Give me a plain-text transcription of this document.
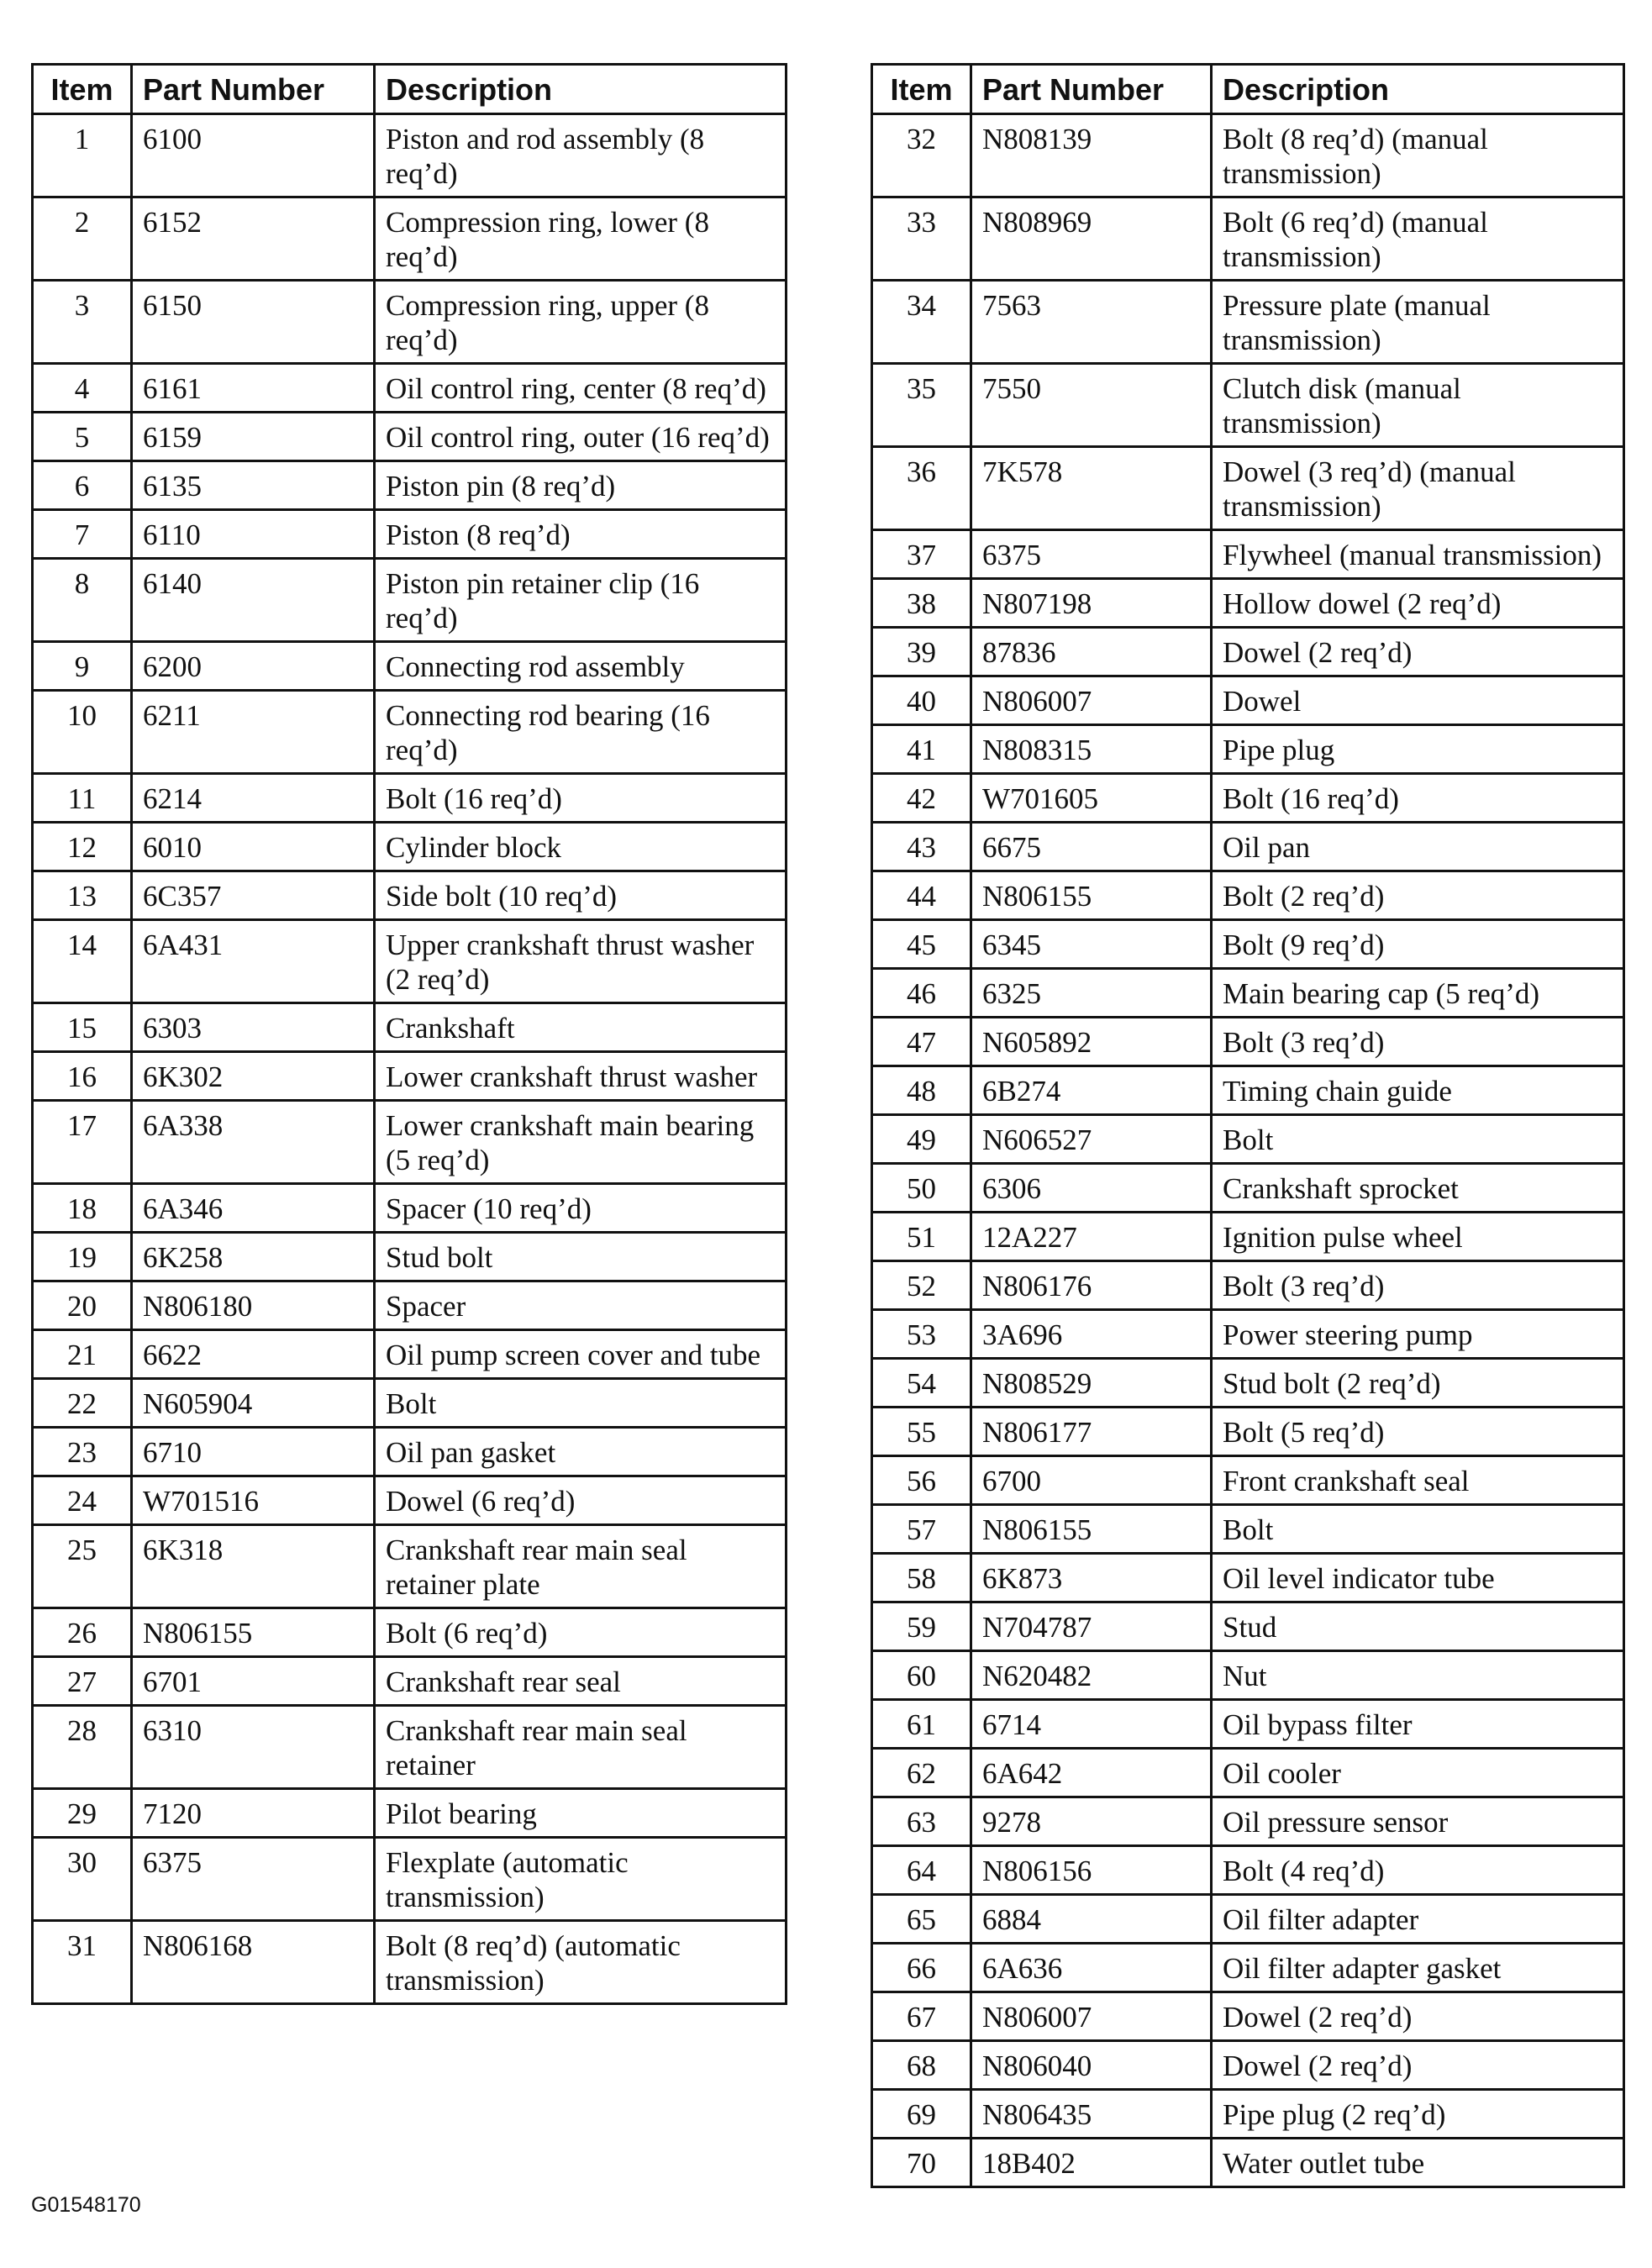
Item	Part Number	Description
1	6100	Piston and rod assembly (8 req’d)
2	6152	Compression ring, lower (8 req’d)
3	6150	Compression ring, upper (8 req’d)
4	6161	Oil control ring, center (8 req’d)
5	6159	Oil control ring, outer (16 req’d)
6	6135	Piston pin (8 req’d)
7	6110	Piston (8 req’d)
8	6140	Piston pin retainer clip (16 req’d)
9	6200	Connecting rod assembly
10	6211	Connecting rod bearing (16 req’d)
11	6214	Bolt (16 req’d)
12	6010	Cylinder block
13	6C357	Side bolt (10 req’d)
14	6A431	Upper crankshaft thrust washer (2 req’d)
15	6303	Crankshaft
16	6K302	Lower crankshaft thrust washer
17	6A338	Lower crankshaft main bearing (5 req’d)
18	6A346	Spacer (10 req’d)
19	6K258	Stud bolt
20	N806180	Spacer
21	6622	Oil pump screen cover and tube
22	N605904	Bolt
23	6710	Oil pan gasket
24	W701516	Dowel (6 req’d)
25	6K318	Crankshaft rear main seal retainer plate
26	N806155	Bolt (6 req’d)
27	6701	Crankshaft rear seal
28	6310	Crankshaft rear main seal retainer
29	7120	Pilot bearing
30	6375	Flexplate (automatic transmission)
31	N806168	Bolt (8 req’d) (automatic transmission)
Item	Part Number	Description
32	N808139	Bolt (8 req’d) (manual transmission)
33	N808969	Bolt (6 req’d) (manual transmission)
34	7563	Pressure plate (manual transmission)
35	7550	Clutch disk (manual transmission)
36	7K578	Dowel (3 req’d) (manual transmission)
37	6375	Flywheel (manual transmission)
38	N807198	Hollow dowel (2 req’d)
39	87836	Dowel (2 req’d)
40	N806007	Dowel
41	N808315	Pipe plug
42	W701605	Bolt (16 req’d)
43	6675	Oil pan
44	N806155	Bolt (2 req’d)
45	6345	Bolt (9 req’d)
46	6325	Main bearing cap (5 req’d)
47	N605892	Bolt (3 req’d)
48	6B274	Timing chain guide
49	N606527	Bolt
50	6306	Crankshaft sprocket
51	12A227	Ignition pulse wheel
52	N806176	Bolt (3 req’d)
53	3A696	Power steering pump
54	N808529	Stud bolt (2 req’d)
55	N806177	Bolt (5 req’d)
56	6700	Front crankshaft seal
57	N806155	Bolt
58	6K873	Oil level indicator tube
59	N704787	Stud
60	N620482	Nut
61	6714	Oil bypass filter
62	6A642	Oil cooler
63	9278	Oil pressure sensor
64	N806156	Bolt (4 req’d)
65	6884	Oil filter adapter
66	6A636	Oil filter adapter gasket
67	N806007	Dowel (2 req’d)
68	N806040	Dowel (2 req’d)
69	N806435	Pipe plug (2 req’d)
70	18B402	Water outlet tube
G01548170
